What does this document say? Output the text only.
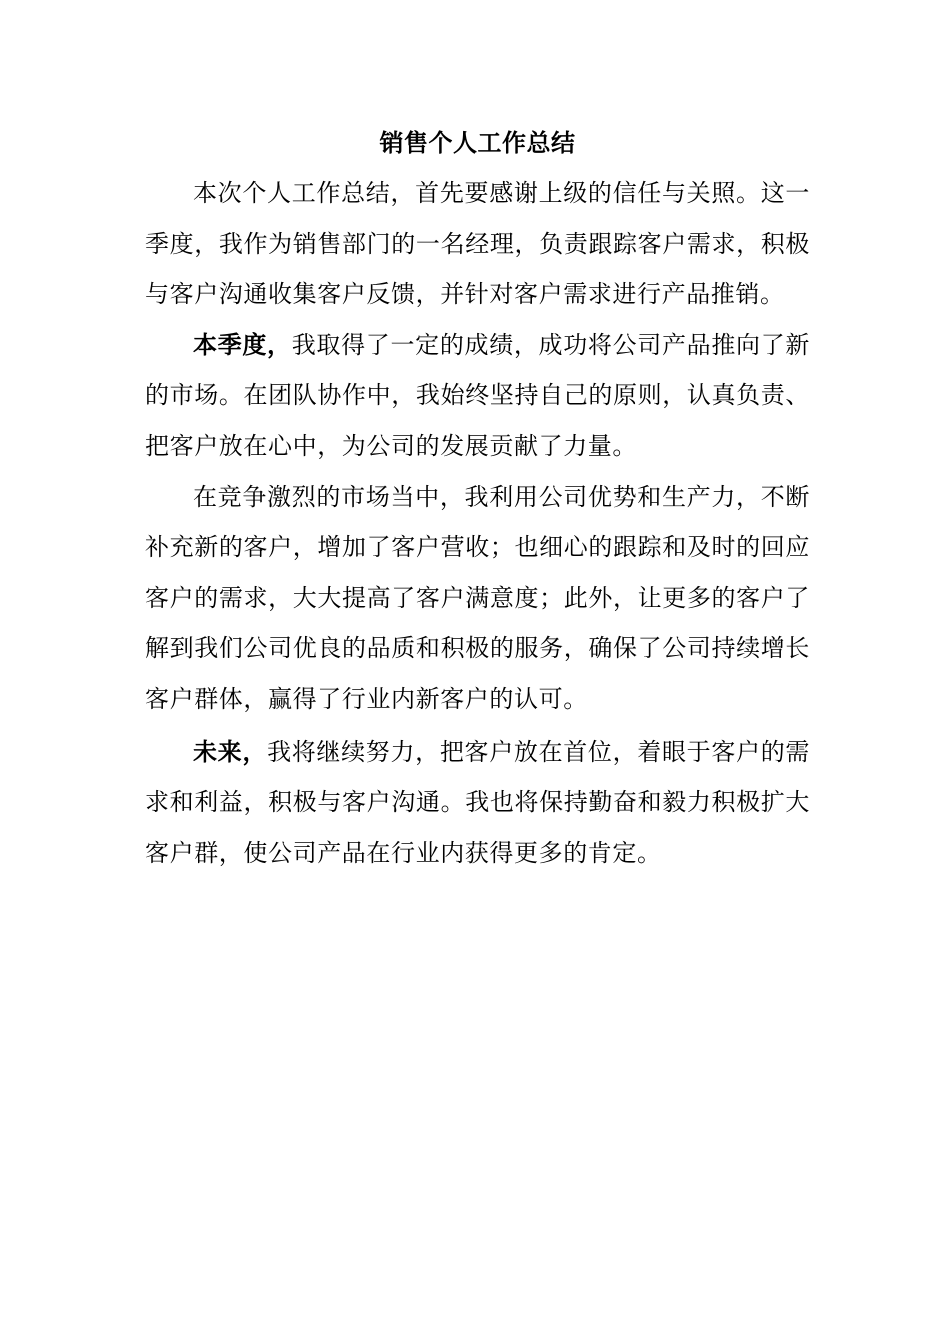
销售个人工作总结

本次个人工作总结，首先要感谢上级的信任与关照。这一季度，我作为销售部门的一名经理，负责跟踪客户需求，积极与客户沟通收集客户反馈，并针对客户需求进行产品推销。

本季度，我取得了一定的成绩，成功将公司产品推向了新的市场。在团队协作中，我始终坚持自己的原则，认真负责、把客户放在心中，为公司的发展贡献了力量。

在竞争激烈的市场当中，我利用公司优势和生产力，不断补充新的客户，增加了客户营收；也细心的跟踪和及时的回应客户的需求，大大提高了客户满意度；此外，让更多的客户了解到我们公司优良的品质和积极的服务，确保了公司持续增长客户群体，赢得了行业内新客户的认可。

未来，我将继续努力，把客户放在首位，着眼于客户的需求和利益，积极与客户沟通。我也将保持勤奋和毅力积极扩大客户群，使公司产品在行业内获得更多的肯定。
